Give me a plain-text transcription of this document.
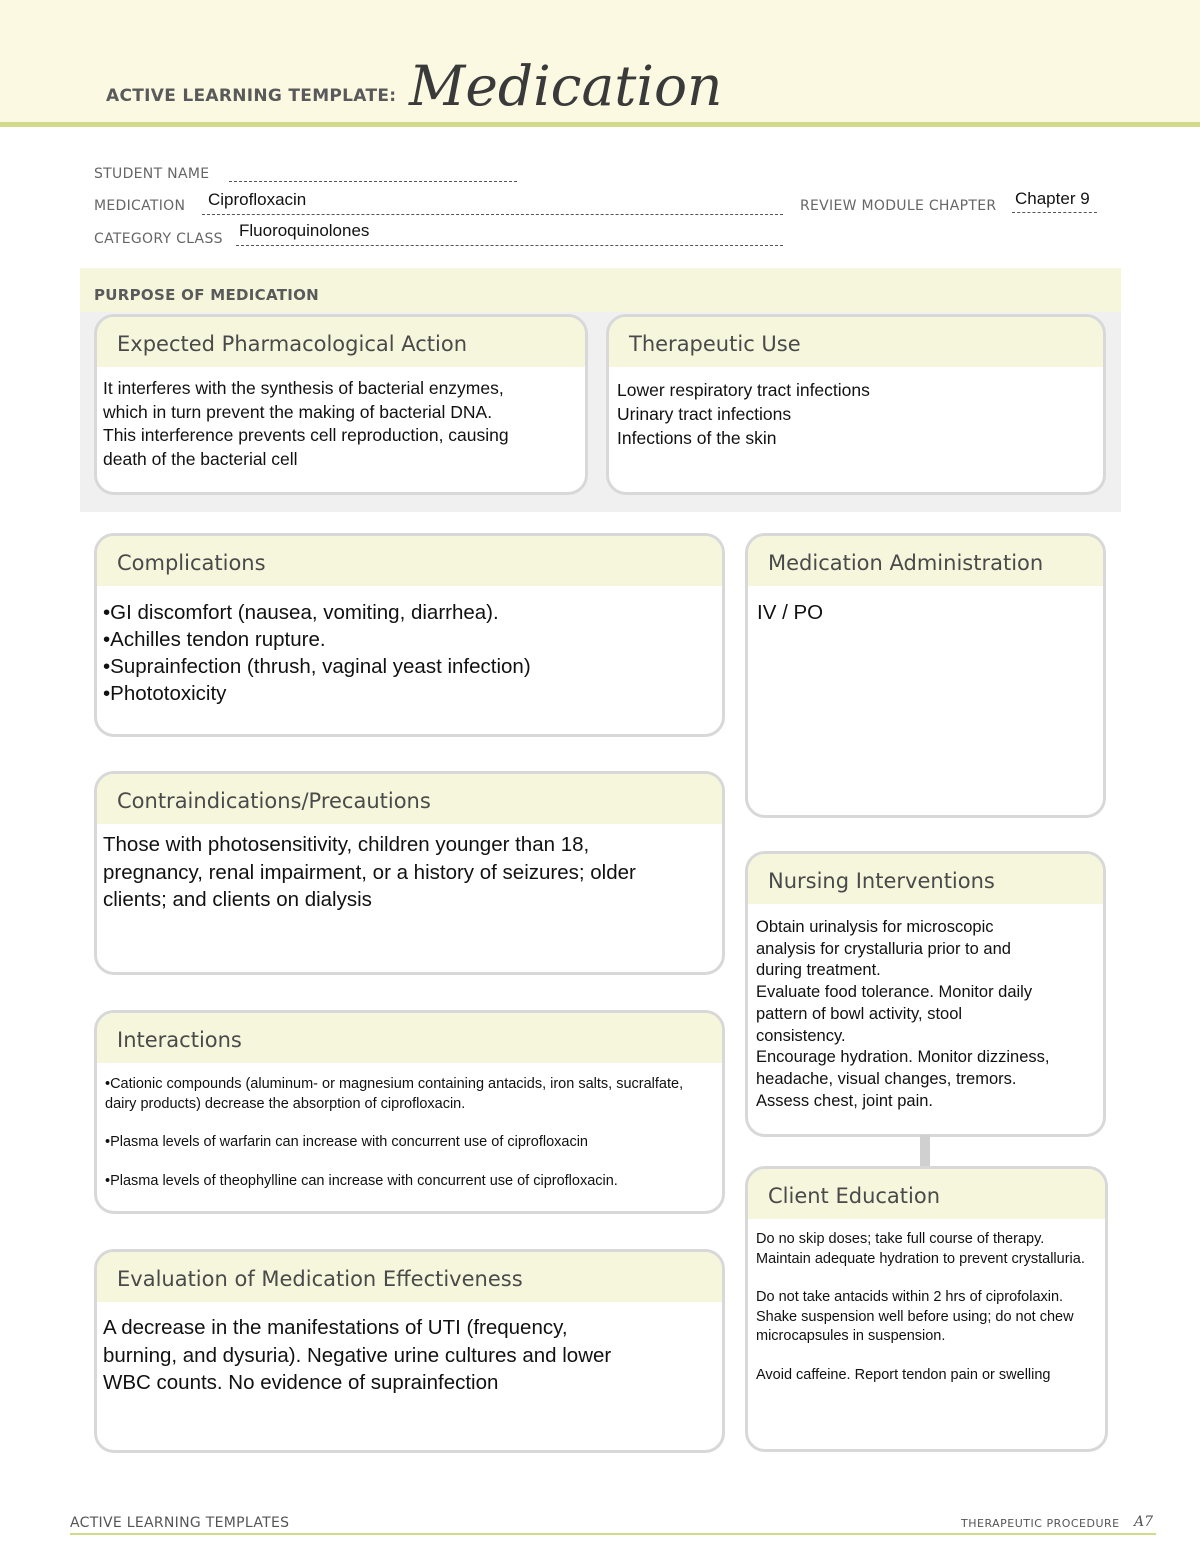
ACTIVE LEARNING TEMPLATE: Medication
STUDENT NAME
MEDICATION Ciprofloxacin	REVIEW MODULE CHAPTER Chapter 9
CATEGORY CLASS Fluoroquinolones
PURPOSE OF MEDICATION
Expected Pharmacological Action

It interferes with the synthesis of bacterial enzymes,

which in turn prevent the making of bacterial DNA.

This interference prevents cell reproduction, causing

death of the bacterial cell

Therapeutic Use

Lower respiratory tract infections

Urinary tract infections

Infections of the skin

Complications

•GI discomfort (nausea, vomiting, diarrhea).

•Achilles tendon rupture.

•Suprainfection (thrush, vaginal yeast infection)

•Phototoxicity

Medication Administration

IV / PO

Contraindications/Precautions

Those with photosensitivity, children younger than 18,

pregnancy, renal impairment, or a history of seizures; older

clients; and clients on dialysis

Nursing Interventions

Obtain urinalysis for microscopic

analysis for crystalluria prior to and

during treatment.

Evaluate food tolerance. Monitor daily

pattern of bowl activity, stool

consistency.

Encourage hydration. Monitor dizziness,

headache, visual changes, tremors.

Assess chest, joint pain.

Interactions

•Cationic compounds (aluminum- or magnesium containing antacids, iron salts, sucralfate, dairy products) decrease the absorption of ciprofloxacin.

•Plasma levels of warfarin can increase with concurrent use of ciprofloxacin

•Plasma levels of theophylline can increase with concurrent use of ciprofloxacin.

Client Education

Do no skip doses; take full course of therapy. Maintain adequate hydration to prevent crystalluria.

Do not take antacids within 2 hrs of ciprofolaxin. Shake suspension well before using; do not chew microcapsules in suspension.

Avoid caffeine. Report tendon pain or swelling

Evaluation of Medication Effectiveness

A decrease in the manifestations of UTI (frequency,

burning, and dysuria). Negative urine cultures and lower

WBC counts. No evidence of suprainfection

ACTIVE LEARNING TEMPLATES	THERAPEUTIC PROCEDURE A7
